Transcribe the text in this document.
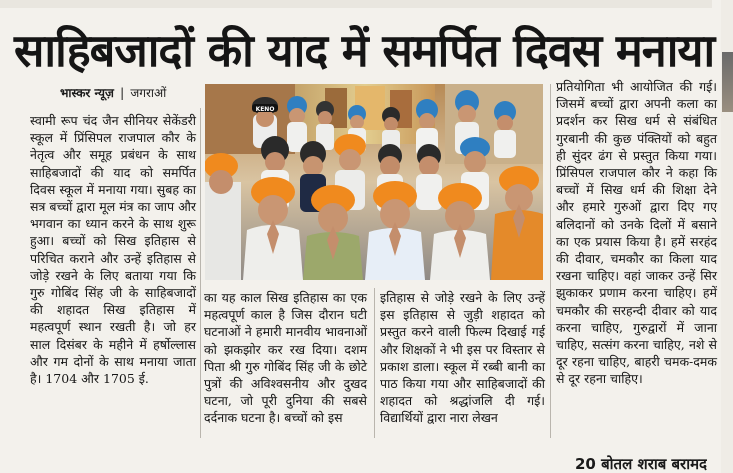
साहिबजादों की याद में समर्पित दिवस मनाया
भास्कर न्यूज़ | जगराओं
स्वामी रूप चंद जैन सीनियर सेकेंडरी स्कूल में प्रिंसिपल राजपाल कौर के नेतृत्व और समूह प्रबंधन के साथ साहिबजादों की याद को समर्पित दिवस स्कूल में मनाया गया। सुबह का सत्र बच्चों द्वारा मूल मंत्र का जाप और भगवान का ध्यान करने के साथ शुरू हुआ। बच्चों को सिख इतिहास से परिचित कराने और उन्हें इतिहास से जोड़े रखने के लिए बताया गया कि गुरु गोबिंद सिंह जी के साहिबजादों की शहादत सिख इतिहास में महत्वपूर्ण स्थान रखती है। जो हर साल दिसंबर के महीने में हर्षोल्लास और गम दोनों के साथ मनाया जाता है। 1704 और 1705 ई.
का यह काल सिख इतिहास का एक महत्वपूर्ण काल है जिस दौरान घटी घटनाओं ने हमारी मानवीय भावनाओं को झकझोर कर रख दिया। दशम पिता श्री गुरु गोबिंद सिंह जी के छोटे पुत्रों की अविश्वसनीय और दुखद घटना, जो पूरी दुनिया की सबसे दर्दनाक घटना है। बच्चों को इस
इतिहास से जोड़े रखने के लिए उन्हें इस इतिहास से जुड़ी शहादत को प्रस्तुत करने वाली फिल्म दिखाई गई और शिक्षकों ने भी इस पर विस्तार से प्रकाश डाला। स्कूल में रब्बी बानी का पाठ किया गया और साहिबजादों की शहादत को श्रद्धांजलि दी गई। विद्यार्थियों द्वारा नारा लेखन
प्रतियोगिता भी आयोजित की गई। जिसमें बच्चों द्वारा अपनी कला का प्रदर्शन कर सिख धर्म से संबंधित गुरबानी की कुछ पंक्तियों को बहुत ही सुंदर ढंग से प्रस्तुत किया गया। प्रिंसिपल राजपाल कौर ने कहा कि बच्चों में सिख धर्म की शिक्षा देने और हमारे गुरुओं द्वारा दिए गए बलिदानों को उनके दिलों में बसाने का एक प्रयास किया है। हमें सरहंद की दीवार, चमकौर का किला याद रखना चाहिए। वहां जाकर उन्हें सिर झुकाकर प्रणाम करना चाहिए। हमें चमकौर की सरहन्दी दीवार को याद करना चाहिए, गुरुद्वारों में जाना चाहिए, सत्संग करना चाहिए, नशे से दूर रहना चाहिए, बाहरी चमक-दमक से दूर रहना चाहिए।
KENO
20 बोतल शराब बरामद
